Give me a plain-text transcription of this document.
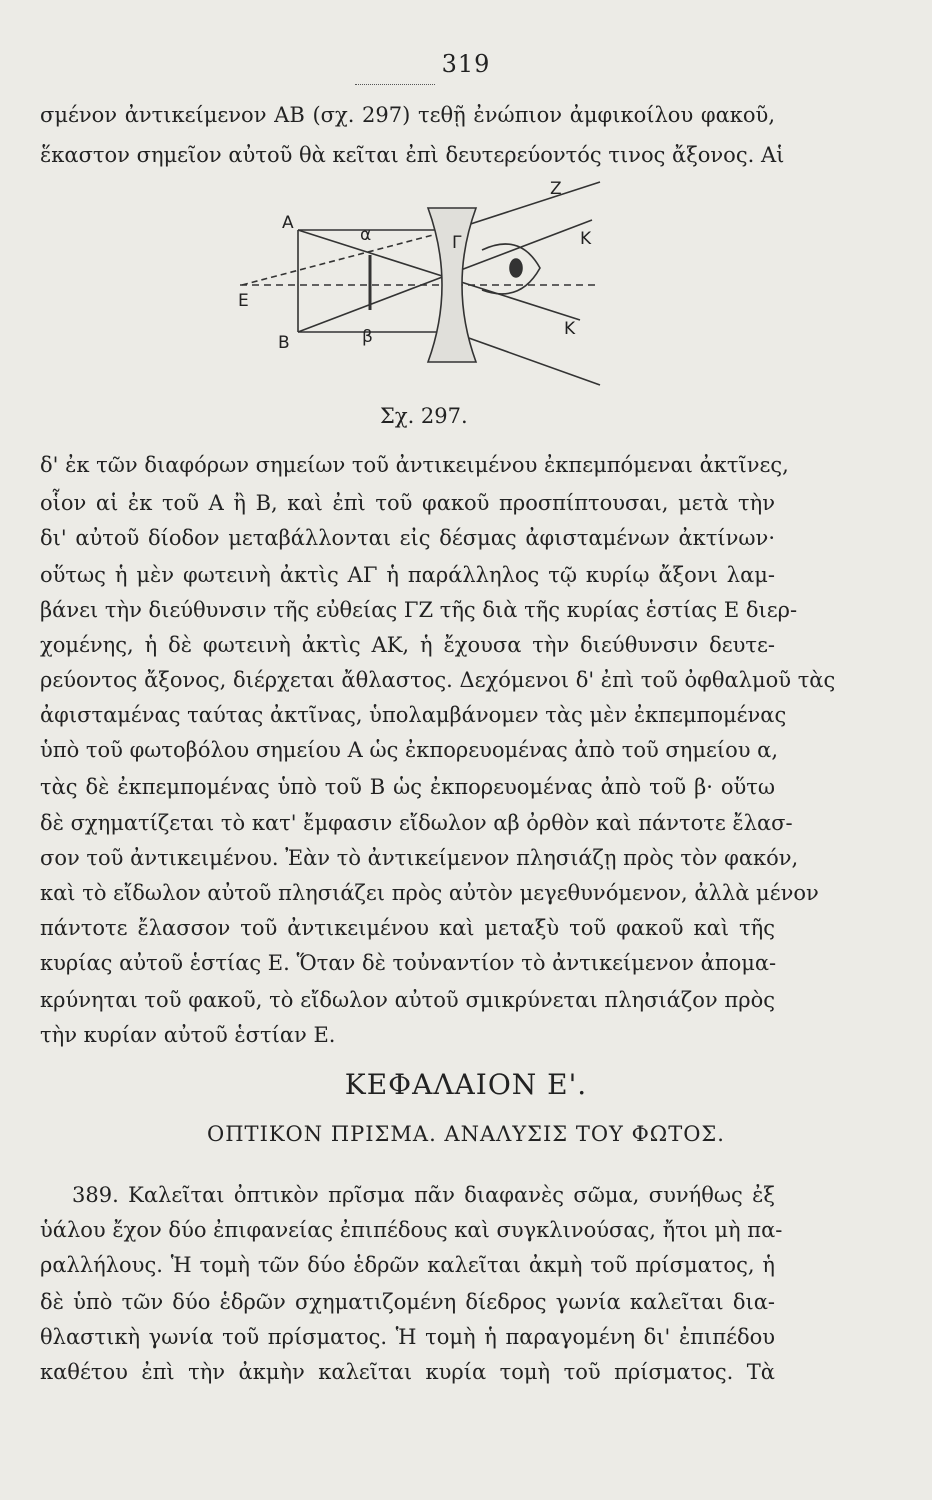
319
σμένον ἀντικείμενον ΑΒ (σχ. 297) τεθῇ ἐνώπιον ἀμφικοίλου φακοῦ,
ἕκαστον σημεῖον αὐτοῦ θὰ κεῖται ἐπὶ δευτερεύοντός τινος ἄξονος. Αἱ
Α
Β
Ε
Ζ
Γ	Κ
Κ
α
β
Σχ. 297.
δ' ἐκ τῶν διαφόρων σημείων τοῦ ἀντικειμένου ἐκπεμπόμεναι ἀκτῖνες,
οἷον αἱ ἐκ τοῦ Α ἢ Β, καὶ ἐπὶ τοῦ φακοῦ προσπίπτουσαι, μετὰ τὴν
δι' αὐτοῦ δίοδον μεταβάλλονται εἰς δέσμας ἀφισταμένων ἀκτίνων·
οὕτως ἡ μὲν φωτεινὴ ἀκτὶς ΑΓ ἡ παράλληλος τῷ κυρίῳ ἄξονι λαμ-
βάνει τὴν διεύθυνσιν τῆς εὐθείας ΓΖ τῆς διὰ τῆς κυρίας ἑστίας Ε διερ-
χομένης, ἡ δὲ φωτεινὴ ἀκτὶς ΑΚ, ἡ ἔχουσα τὴν διεύθυνσιν δευτε-
ρεύοντος ἄξονος, διέρχεται ἄθλαστος. Δεχόμενοι δ' ἐπὶ τοῦ ὀφθαλμοῦ τὰς
ἀφισταμένας ταύτας ἀκτῖνας, ὑπολαμβάνομεν τὰς μὲν ἐκπεμπομένας
ὑπὸ τοῦ φωτοβόλου σημείου Α ὡς ἐκπορευομένας ἀπὸ τοῦ σημείου α,
τὰς δὲ ἐκπεμπομένας ὑπὸ τοῦ Β ὡς ἐκπορευομένας ἀπὸ τοῦ β· οὕτω
δὲ σχηματίζεται τὸ κατ' ἔμφασιν εἴδωλον αβ ὀρθὸν καὶ πάντοτε ἔλασ-
σον τοῦ ἀντικειμένου. Ἐὰν τὸ ἀντικείμενον πλησιάζῃ πρὸς τὸν φακόν,
καὶ τὸ εἴδωλον αὐτοῦ πλησιάζει πρὸς αὐτὸν μεγεθυνόμενον, ἀλλὰ μένον
πάντοτε ἔλασσον τοῦ ἀντικειμένου καὶ μεταξὺ τοῦ φακοῦ καὶ τῆς
κυρίας αὐτοῦ ἑστίας Ε. Ὅταν δὲ τοὐναντίον τὸ ἀντικείμενον ἀπομα-
κρύνηται τοῦ φακοῦ, τὸ εἴδωλον αὐτοῦ σμικρύνεται πλησιάζον πρὸς
τὴν κυρίαν αὐτοῦ ἑστίαν Ε.
ΚΕΦΑΛΑΙΟΝ Ε'.
ΟΠΤΙΚΟΝ ΠΡΙΣΜΑ. ΑΝΑΛΥΣΙΣ ΤΟΥ ΦΩΤΟΣ.
389. Καλεῖται ὀπτικὸν πρῖσμα πᾶν διαφανὲς σῶμα, συνήθως ἐξ
ὑάλου ἔχον δύο ἐπιφανείας ἐπιπέδους καὶ συγκλινούσας, ἤτοι μὴ πα-
ραλλήλους. Ἡ τομὴ τῶν δύο ἑδρῶν καλεῖται ἀκμὴ τοῦ πρίσματος, ἡ
δὲ ὑπὸ τῶν δύο ἑδρῶν σχηματιζομένη δίεδρος γωνία καλεῖται δια-
θλαστικὴ γωνία τοῦ πρίσματος. Ἡ τομὴ ἡ παραγομένη δι' ἐπιπέδου
καθέτου ἐπὶ τὴν ἀκμὴν καλεῖται κυρία τομὴ τοῦ πρίσματος. Τὰ
